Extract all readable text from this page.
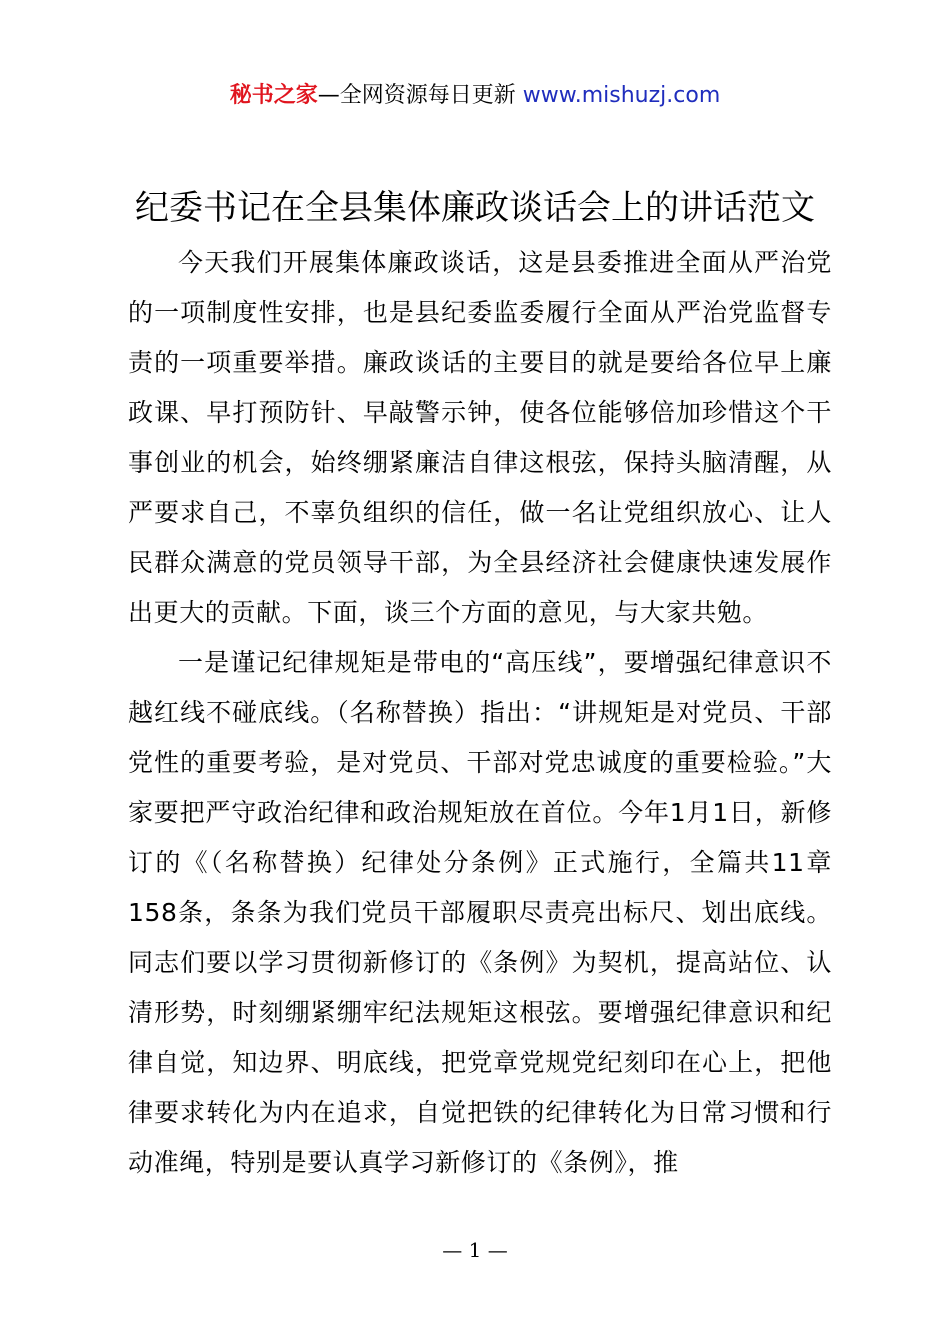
秘书之家—全网资源每日更新 www.mishuzj.com
纪委书记在全县集体廉政谈话会上的讲话范文

今天我们开展集体廉政谈话，这是县委推进全面从严治党的一项制度性安排，也是县纪委监委履行全面从严治党监督专责的一项重要举措。廉政谈话的主要目的就是要给各位早上廉政课、早打预防针、早敲警示钟，使各位能够倍加珍惜这个干事创业的机会，始终绷紧廉洁自律这根弦，保持头脑清醒，从严要求自己，不辜负组织的信任，做一名让党组织放心、让人民群众满意的党员领导干部，为全县经济社会健康快速发展作出更大的贡献。下面，谈三个方面的意见，与大家共勉。

一是谨记纪律规矩是带电的“高压线”，要增强纪律意识不越红线不碰底线。（名称替换）指出：“讲规矩是对党员、干部党性的重要考验，是对党员、干部对党忠诚度的重要检验。”大家要把严守政治纪律和政治规矩放在首位。今年1月1日，新修订的《（名称替换）纪律处分条例》正式施行，全篇共11章158条，条条为我们党员干部履职尽责亮出标尺、划出底线。同志们要以学习贯彻新修订的《条例》为契机，提高站位、认清形势，时刻绷紧绷牢纪法规矩这根弦。要增强纪律意识和纪律自觉，知边界、明底线，把党章党规党纪刻印在心上，把他律要求转化为内在追求，自觉把铁的纪律转化为日常习惯和行动准绳，特别是要认真学习新修订的《条例》，推

— 1 —
